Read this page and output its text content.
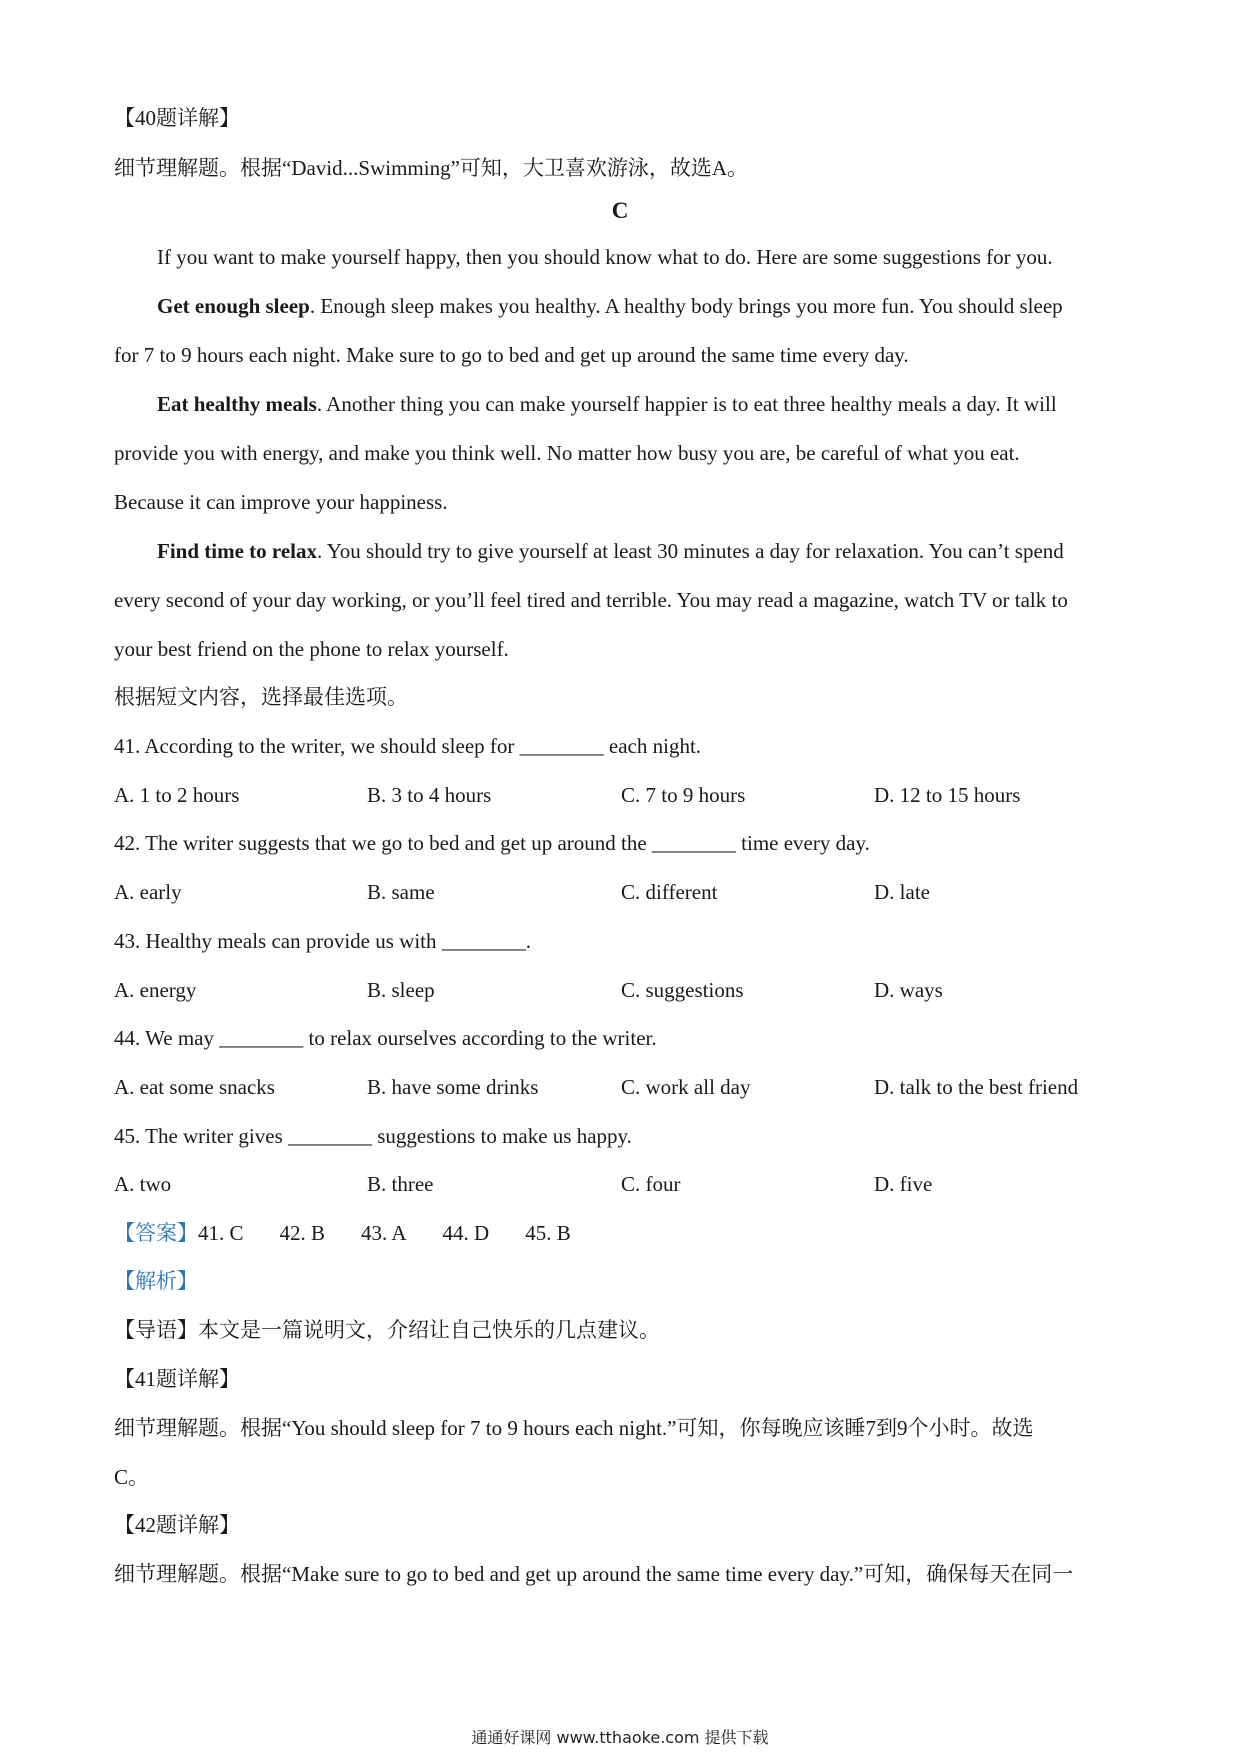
【40题详解】

细节理解题。根据“David...Swimming”可知，大卫喜欢游泳，故选A。

C

If you want to make yourself happy, then you should know what to do. Here are some suggestions for you.

Get enough sleep. Enough sleep makes you healthy. A healthy body brings you more fun. You should sleep

for 7 to 9 hours each night. Make sure to go to bed and get up around the same time every day.

Eat healthy meals. Another thing you can make yourself happier is to eat three healthy meals a day. It will

provide you with energy, and make you think well. No matter how busy you are, be careful of what you eat.

Because it can improve your happiness.

Find time to relax. You should try to give yourself at least 30 minutes a day for relaxation. You can’t spend

every second of your day working, or you’ll feel tired and terrible. You may read a magazine, watch TV or talk to

your best friend on the phone to relax yourself.

根据短文内容，选择最佳选项。

41. According to the writer, we should sleep for ________ each night.

A. 1 to 2 hours	B. 3 to 4 hours	C. 7 to 9 hours	D. 12 to 15 hours

42. The writer suggests that we go to bed and get up around the ________ time every day.

A. early	B. same	C. different	D. late

43. Healthy meals can provide us with ________.

A. energy	B. sleep	C. suggestions	D. ways

44. We may ________ to relax ourselves according to the writer.

A. eat some snacks	B. have some drinks	C. work all day	D. talk to the best friend

45. The writer gives ________ suggestions to make us happy.

A. two	B. three	C. four	D. five
【答案】41. C 42. B 43. A 44. D 45. B

【解析】

【导语】本文是一篇说明文，介绍让自己快乐的几点建议。

【41题详解】

细节理解题。根据“You should sleep for 7 to 9 hours each night.”可知，你每晚应该睡7到9个小时。故选

C。

【42题详解】

细节理解题。根据“Make sure to go to bed and get up around the same time every day.”可知，确保每天在同一

通通好课网 www.tthaoke.com 提供下载
